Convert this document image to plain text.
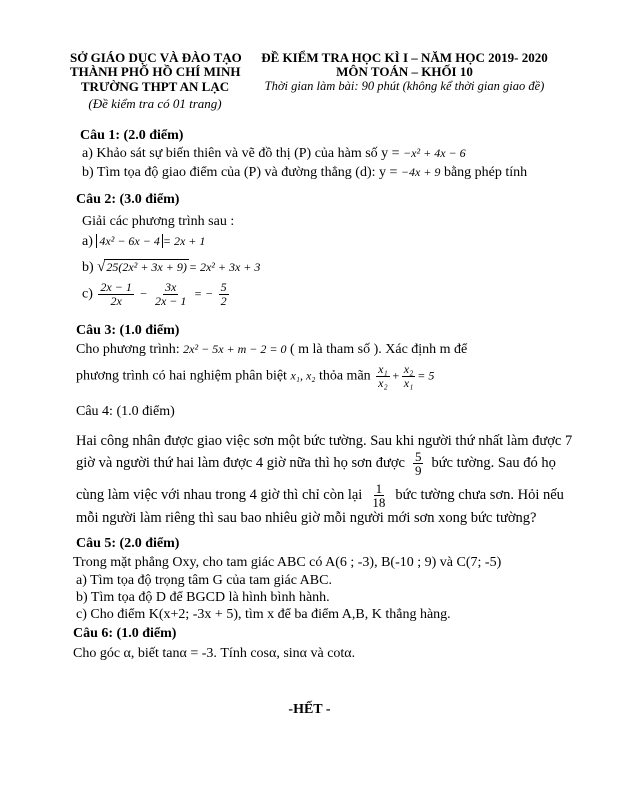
SỞ GIÁO DỤC VÀ ĐÀO TẠO
THÀNH PHỐ HỒ CHÍ MINH
TRƯỜNG THPT AN LẠC
(Đề kiểm tra có 01 trang)
ĐỀ KIỂM TRA HỌC KÌ I – NĂM HỌC 2019- 2020
MÔN TOÁN – KHỐI 10
Thời gian làm bài: 90 phút (không kể thời gian giao đề)
Câu 1: (2.0 điểm)
a) Khảo sát sự biến thiên và vẽ đồ thị (P) của hàm số y = −x² + 4x − 6
b) Tìm tọa độ giao điểm của (P) và đường thẳng (d): y = −4x + 9 bằng phép tính
Câu 2: (3.0 điểm)
Giải các phương trình sau :
a) 4x² − 6x − 4 = 2x + 1
b) √25(2x² + 3x + 9) = 2x² + 3x + 3
$c) \frac{2x - 1}{2x} - \frac{3x}{2x - 1}$ = − $\frac{5}{2}$
Câu 3: (1.0 điểm)
Cho phương trình: 2x² − 5x + m − 2 = 0 ( m là tham số ). Xác định m để
phương trình có hai nghiệm phân biệt x₁, x₂ thỏa mãn $\frac{\text{x₁}}{\text{x₂}} + \frac{\text{x₂}}{\text{x₁}} = 5$
Câu 4: (1.0 điểm)
Hai công nhân được giao việc sơn một bức tường. Sau khi người thứ nhất làm được 7
giờ và người thứ hai làm được 4 giờ nữa thì họ sơn được $\frac{5}{9}$ bức tường. Sau đó họ
cùng làm việc với nhau trong 4 giờ thì chỉ còn lại $\frac{1}{18}$ bức tường chưa sơn. Hỏi nếu
mỗi người làm riêng thì sau bao nhiêu giờ mỗi người mới sơn xong bức tường?
Câu 5: (2.0 điểm)
Trong mặt phẳng Oxy, cho tam giác ABC có A(6 ; -3), B(-10 ; 9) và C(7; -5)
a) Tìm tọa độ trọng tâm G của tam giác ABC.
b) Tìm tọa độ D để BGCD là hình bình hành.
c) Cho điểm K(x+2; -3x + 5), tìm x để ba điểm A,B, K thẳng hàng.
Câu 6: (1.0 điểm)
Cho góc α, biết tanα = -3. Tính cosα, sinα và cotα.
-HẾT -
